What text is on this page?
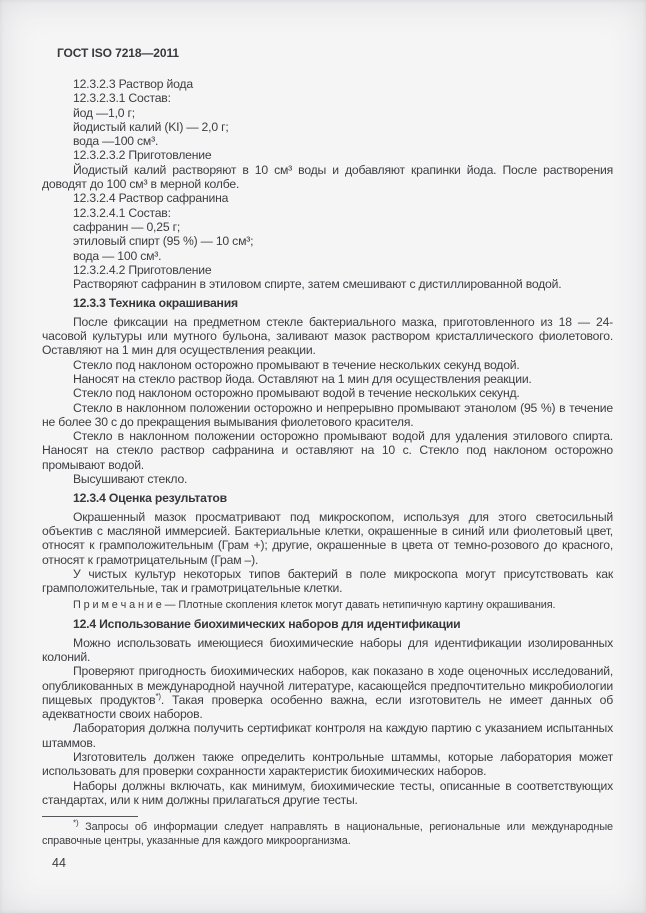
ГОСТ ISO 7218—2011

12.3.2.3 Раствор йода

12.3.2.3.1 Состав:

йод —1,0 г;

йодистый калий (KI) — 2,0 г;

вода —100 см³.

12.3.2.3.2 Приготовление

Йодистый калий растворяют в 10 см³ воды и добавляют крапинки йода. После растворения доводят до 100 см³ в мерной колбе.

12.3.2.4 Раствор сафранина

12.3.2.4.1 Состав:

сафранин — 0,25 г;

этиловый спирт (95 %) — 10 см³;

вода — 100 см³.

12.3.2.4.2 Приготовление

Растворяют сафранин в этиловом спирте, затем смешивают с дистиллированной водой.

12.3.3 Техника окрашивания

После фиксации на предметном стекле бактериального мазка, приготовленного из 18 — 24-часовой культуры или мутного бульона, заливают мазок раствором кристаллического фиолетового. Оставляют на 1 мин для осуществления реакции.

Стекло под наклоном осторожно промывают в течение нескольких секунд водой.

Наносят на стекло раствор йода. Оставляют на 1 мин для осуществления реакции.

Стекло под наклоном осторожно промывают водой в течение нескольких секунд.

Стекло в наклонном положении осторожно и непрерывно промывают этанолом (95 %) в течение не более 30 с до прекращения вымывания фиолетового красителя.

Стекло в наклонном положении осторожно промывают водой для удаления этилового спирта. Наносят на стекло раствор сафранина и оставляют на 10 с. Стекло под наклоном осторожно промывают водой.

Высушивают стекло.

12.3.4 Оценка результатов

Окрашенный мазок просматривают под микроскопом, используя для этого светосильный объектив с масляной иммерсией. Бактериальные клетки, окрашенные в синий или фиолетовый цвет, относят к грамположительным (Грам +); другие, окрашенные в цвета от темно-розового до красного, относят к грамотрицательным (Грам –).

У чистых культур некоторых типов бактерий в поле микроскопа могут присутствовать как грамположительные, так и грамотрицательные клетки.

П р и м е ч а н и е — Плотные скопления клеток могут давать нетипичную картину окрашивания.

12.4 Использование биохимических наборов для идентификации

Можно использовать имеющиеся биохимические наборы для идентификации изолированных колоний.

Проверяют пригодность биохимических наборов, как показано в ходе оценочных исследований, опубликованных в международной научной литературе, касающейся предпочтительно микробиологии пищевых продуктов*). Такая проверка особенно важна, если изготовитель не имеет данных об адекватности своих наборов.

Лаборатория должна получить сертификат контроля на каждую партию с указанием испытанных штаммов.

Изготовитель должен также определить контрольные штаммы, которые лаборатория может использовать для проверки сохранности характеристик биохимических наборов.

Наборы должны включать, как минимум, биохимические тесты, описанные в соответствующих стандартах, или к ним должны прилагаться другие тесты.

*) Запросы об информации следует направлять в национальные, региональные или международные справочные центры, указанные для каждого микроорганизма.

44
